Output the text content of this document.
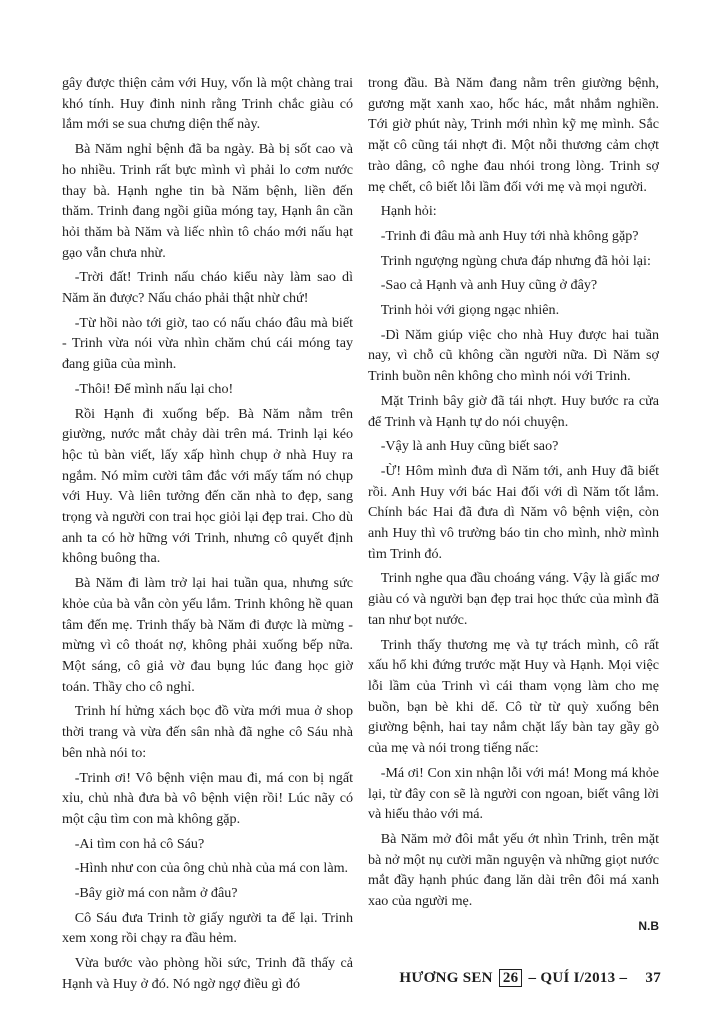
gây được thiện cảm với Huy, vốn là một chàng trai khó tính. Huy đinh ninh rằng Trinh chắc giàu có lắm mới se sua chưng diện thế này.

Bà Năm nghỉ bệnh đã ba ngày. Bà bị sốt cao và ho nhiều. Trinh rất bực mình vì phải lo cơm nước thay bà. Hạnh nghe tin bà Năm bệnh, liền đến thăm. Trinh đang ngồi giũa móng tay, Hạnh ân cần hỏi thăm bà Năm và liếc nhìn tô cháo mới nấu hạt gạo vẫn chưa nhừ.

-Trời đất! Trinh nấu cháo kiểu này làm sao dì Năm ăn được? Nấu cháo phải thật nhừ chứ!

-Từ hồi nào tới giờ, tao có nấu cháo đâu mà biết - Trinh vừa nói vừa nhìn chăm chú cái móng tay đang giũa của mình.

-Thôi! Để mình nấu lại cho!

Rồi Hạnh đi xuống bếp. Bà Năm nằm trên giường, nước mắt chảy dài trên má. Trinh lại kéo hộc tủ bàn viết, lấy xấp hình chụp ở nhà Huy ra ngắm. Nó mỉm cười tâm đắc với mấy tấm nó chụp với Huy. Và liên tưởng đến căn nhà to đẹp, sang trọng và người con trai học giỏi lại đẹp trai. Cho dù anh ta có hờ hững với Trinh, nhưng cô quyết định không buông tha.

Bà Năm đi làm trở lại hai tuần qua, nhưng sức khỏe của bà vẫn còn yếu lắm. Trinh không hề quan tâm đến mẹ. Trinh thấy bà Năm đi được là mừng - mừng vì cô thoát nợ, không phải xuống bếp nữa. Một sáng, cô giả vờ đau bụng lúc đang học giờ toán. Thầy cho cô nghỉ.

Trinh hí hửng xách bọc đồ vừa mới mua ở shop thời trang và vừa đến sân nhà đã nghe cô Sáu nhà bên nhà nói to:

-Trinh ơi! Vô bệnh viện mau đi, má con bị ngất xỉu, chủ nhà đưa bà vô bệnh viện rồi! Lúc nãy có một cậu tìm con mà không gặp.

-Ai tìm con hả cô Sáu?

-Hình như con của ông chủ nhà của má con làm.

-Bây giờ má con nằm ở đâu?

Cô Sáu đưa Trinh tờ giấy người ta để lại. Trinh xem xong rồi chạy ra đầu hẻm.

Vừa bước vào phòng hồi sức, Trinh đã thấy cả Hạnh và Huy ở đó. Nó ngờ ngợ điều gì đó

trong đầu. Bà Năm đang nằm trên giường bệnh, gương mặt xanh xao, hốc hác, mắt nhắm nghiền. Tới giờ phút này, Trinh mới nhìn kỹ mẹ mình. Sắc mặt cô cũng tái nhợt đi. Một nỗi thương cảm chợt trào dâng, cô nghe đau nhói trong lòng. Trinh sợ mẹ chết, cô biết lỗi lầm đối với mẹ và mọi người.

Hạnh hỏi:

-Trinh đi đâu mà anh Huy tới nhà không gặp?

Trinh ngượng ngùng chưa đáp nhưng đã hỏi lại:

-Sao cả Hạnh và anh Huy cũng ở đây?

Trinh hỏi với giọng ngạc nhiên.

-Dì Năm giúp việc cho nhà Huy được hai tuần nay, vì chỗ cũ không cần người nữa. Dì Năm sợ Trinh buồn nên không cho mình nói với Trinh.

Mặt Trinh bây giờ đã tái nhợt. Huy bước ra cửa để Trinh và Hạnh tự do nói chuyện.

-Vậy là anh Huy cũng biết sao?

-Ừ! Hôm mình đưa dì Năm tới, anh Huy đã biết rồi. Anh Huy với bác Hai đối với dì Năm tốt lắm. Chính bác Hai đã đưa dì Năm vô bệnh viện, còn anh Huy thì vô trường báo tin cho mình, nhờ mình tìm Trinh đó.

Trinh nghe qua đầu choáng váng. Vậy là giấc mơ giàu có và người bạn đẹp trai học thức của mình đã tan như bọt nước.

Trinh thấy thương mẹ và tự trách mình, cô rất xấu hổ khi đứng trước mặt Huy và Hạnh. Mọi việc lỗi lầm của Trinh vì cái tham vọng làm cho mẹ buồn, bạn bè khi dể. Cô từ từ quỳ xuống bên giường bệnh, hai tay nắm chặt lấy bàn tay gầy gò của mẹ và nói trong tiếng nấc:

-Má ơi! Con xin nhận lỗi với má! Mong má khỏe lại, từ đây con sẽ là người con ngoan, biết vâng lời và hiếu thảo với má.

Bà Năm mở đôi mắt yếu ớt nhìn Trinh, trên mặt bà nở một nụ cười mãn nguyện và những giọt nước mắt đầy hạnh phúc đang lăn dài trên đôi má xanh xao của người mẹ.

N.B

HƯƠNG SEN 26 – QUÍ I/2013 – 37
